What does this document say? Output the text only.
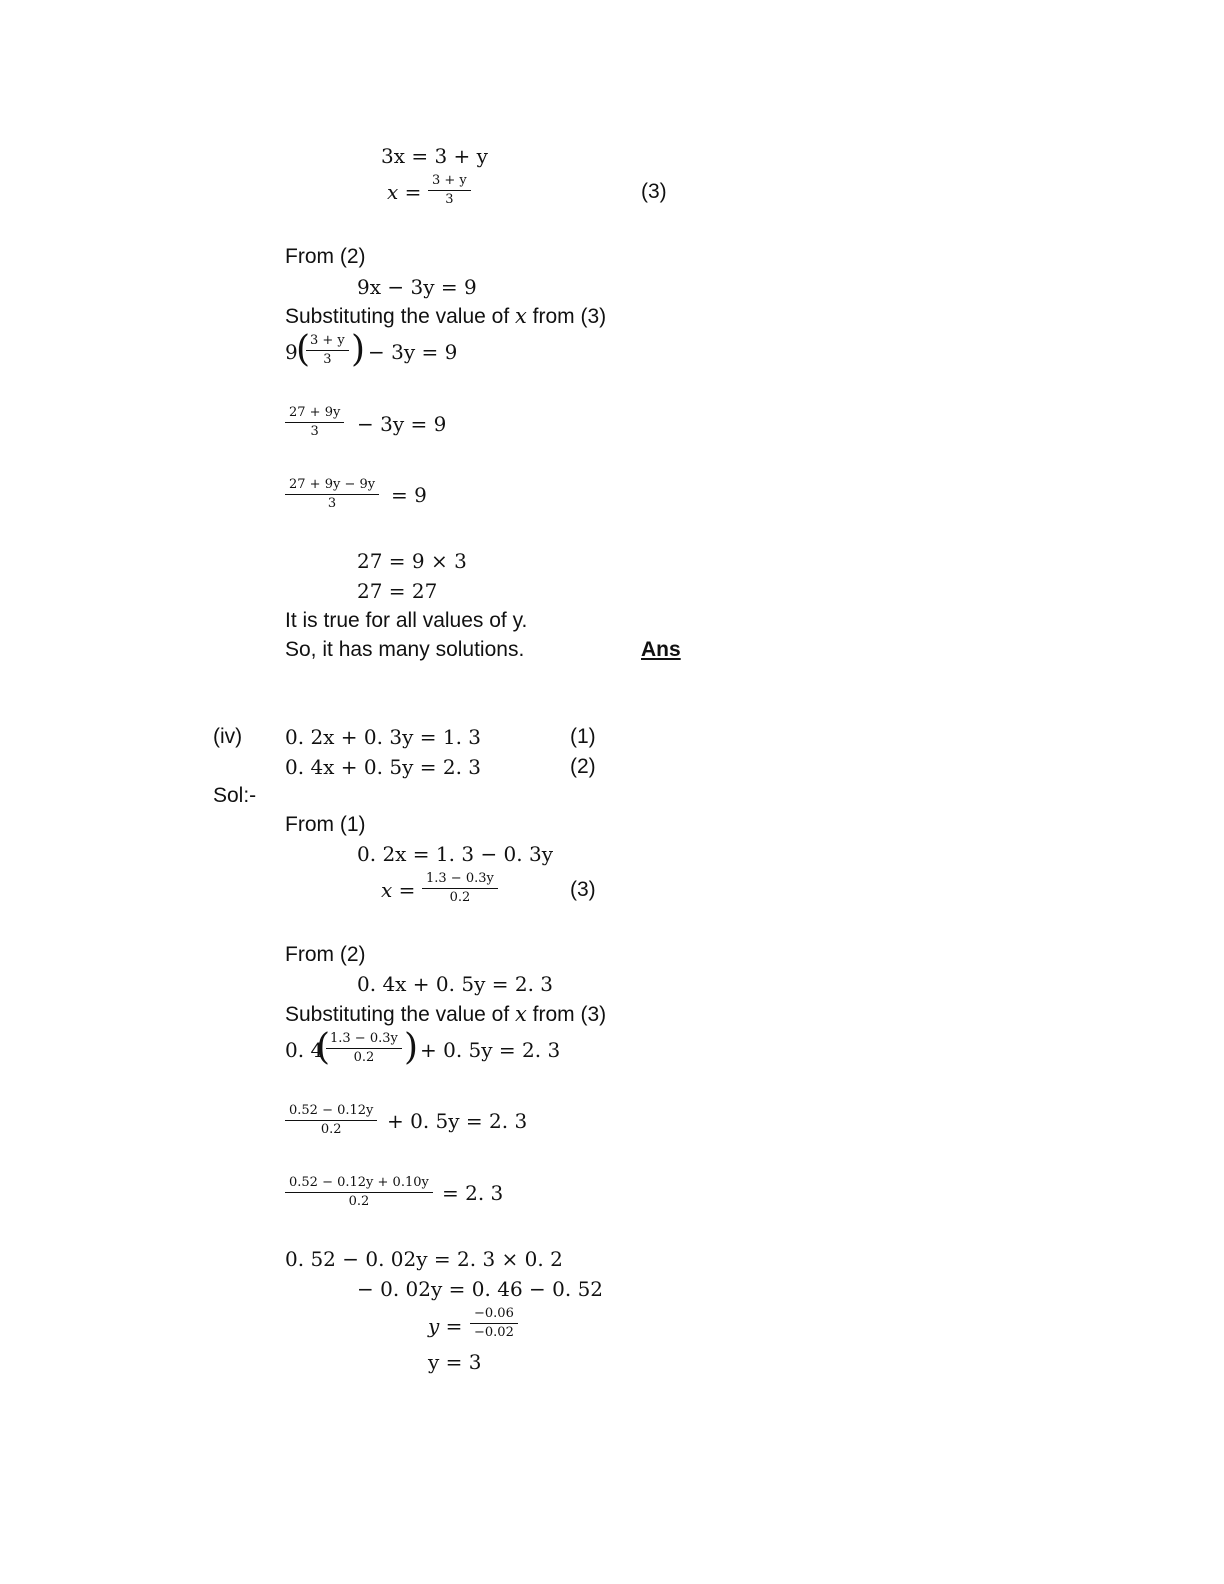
3x = 3 + y
$x = \frac{3 + y}{3}$	(3)
From (2)
9x − 3y = 9
Substituting the value of x from (3)
9
(
$\frac{3 + y}{3}$ ) − 3y = 9
$\frac{27 + 9y}{3} - 3y = 9$
$\frac{27 + 9y - 9y}{3} = 9$
27 = 9 × 3
27 = 27
It is true for all values of y.
So, it has many solutions.	Ans
(iv) 0. 2x + 0. 3y = 1. 3	(1)
0. 4x + 0. 5y = 2. 3	(2)
Sol:-
From (1)
0. 2x = 1. 3 − 0. 3y
$x = \frac{1.3 - 0.3y}{0.2}$	(3)
From (2)
0. 4x + 0. 5y = 2. 3
Substituting the value of x from (3)
0. 4
(
$\frac{1.3 - 0.3y}{0.2}$ ) + 0. 5y = 2. 3
$\frac{0.52 - 0.12y}{0.2} + 0$. 5y = 2. 3
$\frac{0.52 - 0.12y + 0.10y}{0.2} = 2$. 3
0. 52 − 0. 02y = 2. 3 × 0. 2
− 0. 02y = 0. 46 − 0. 52
$y = \frac{-0.06}{-0.02}$
y = 3
